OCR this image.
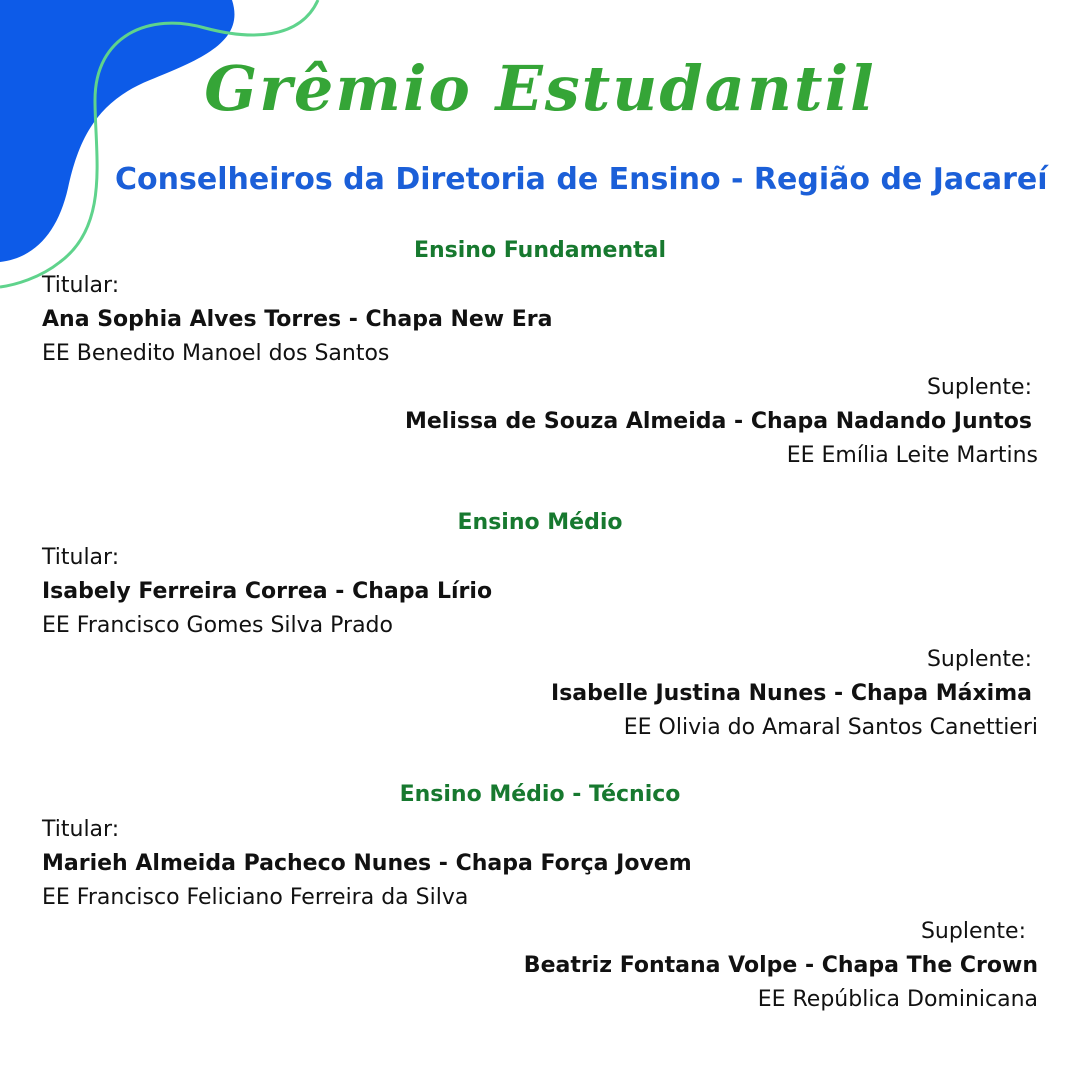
Grêmio Estudantil
Conselheiros da Diretoria de Ensino - Região de Jacareí
Ensino Fundamental
Titular:
Ana Sophia Alves Torres - Chapa New Era
EE Benedito Manoel dos Santos
Suplente:
Melissa de Souza Almeida - Chapa Nadando Juntos
EE Emília Leite Martins
Ensino Médio
Titular:
Isabely Ferreira Correa - Chapa Lírio
EE Francisco Gomes Silva Prado
Suplente:
Isabelle Justina Nunes - Chapa Máxima
EE Olivia do Amaral Santos Canettieri
Ensino Médio - Técnico
Titular:
Marieh Almeida Pacheco Nunes - Chapa Força Jovem
EE Francisco Feliciano Ferreira da Silva
Suplente:
Beatriz Fontana Volpe - Chapa The Crown
EE República Dominicana
